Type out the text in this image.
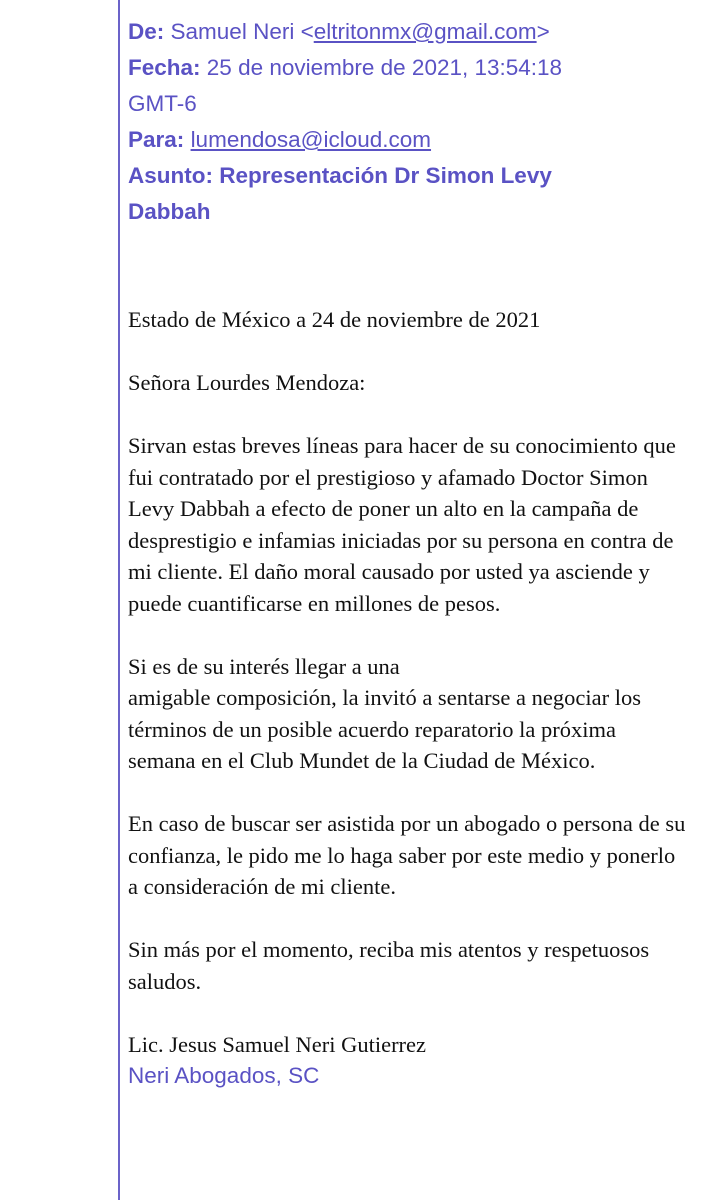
De: Samuel Neri <eltritonmx@gmail.com>
Fecha: 25 de noviembre de 2021, 13:54:18
GMT-6
Para: lumendosa@icloud.com
Asunto: Representación Dr Simon Levy
Dabbah

Estado de México a 24 de noviembre de 2021

Señora Lourdes Mendoza:

Sirvan estas breves líneas para hacer de su conocimiento que fui contratado por el prestigioso y afamado Doctor Simon Levy Dabbah a efecto de poner un alto en la campaña de desprestigio e infamias iniciadas por su persona en contra de mi cliente. El daño moral causado por usted ya asciende y puede cuantificarse en millones de pesos.

Si es de su interés llegar a una
amigable composición, la invitó a sentarse a negociar los términos de un posible acuerdo reparatorio la próxima semana en el Club Mundet de la Ciudad de México.

En caso de buscar ser asistida por un abogado o persona de su confianza, le pido me lo haga saber por este medio y ponerlo a consideración de mi cliente.

Sin más por el momento, reciba mis atentos y respetuosos saludos.

Lic. Jesus Samuel Neri Gutierrez

Neri Abogados, SC
